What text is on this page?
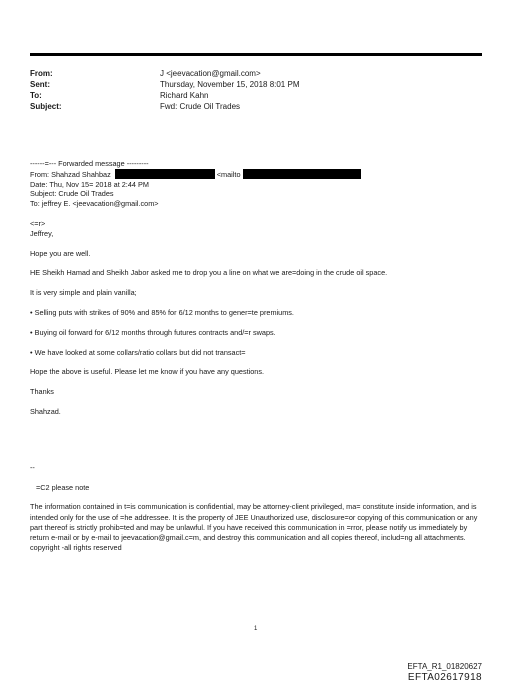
From:	J <jeevacation@gmail.com>
Sent:	Thursday, November 15, 2018 8:01 PM
To:	Richard Kahn
Subject:	Fwd: Crude Oil Trades
------=--- Forwarded message ---------
From: Shahzad Shahbaz	<mailto
Date: Thu, Nov 15= 2018 at 2:44 PM
Subject: Crude Oil Trades
To: jeffrey E. <jeevacation@gmail.com>
<=r>
Jeffrey,
Hope you are well.
HE Sheikh Hamad and Sheikh Jabor asked me to drop you a line on what we are=doing in the crude oil space.
It is very simple and plain vanilla;
• Selling puts with strikes of 90% and 85% for 6/12 months to gener=te premiums.
• Buying oil forward for 6/12 months through futures contracts and/=r swaps.
• We have looked at some collars/ratio collars but did not transact=
Hope the above is useful. Please let me know if you have any questions.
Thanks
Shahzad.
--
=C2 please note
The information contained in t=is communication is confidential, may be attorney-client privileged, ma= constitute inside information, and is intended only for the use of =he addressee. It is the property of JEE Unauthorized use, disclosure=or copying of this communication or any part thereof is strictly prohib=ted and may be unlawful. If you have received this communication in =rror, please notify us immediately by return e-mail or by e-mail to jeevacation@gmail.c=m, and destroy this communication and all copies thereof, includ=ng all attachments. copyright -all rights reserved
1
EFTA_R1_01820627
EFTA02617918
